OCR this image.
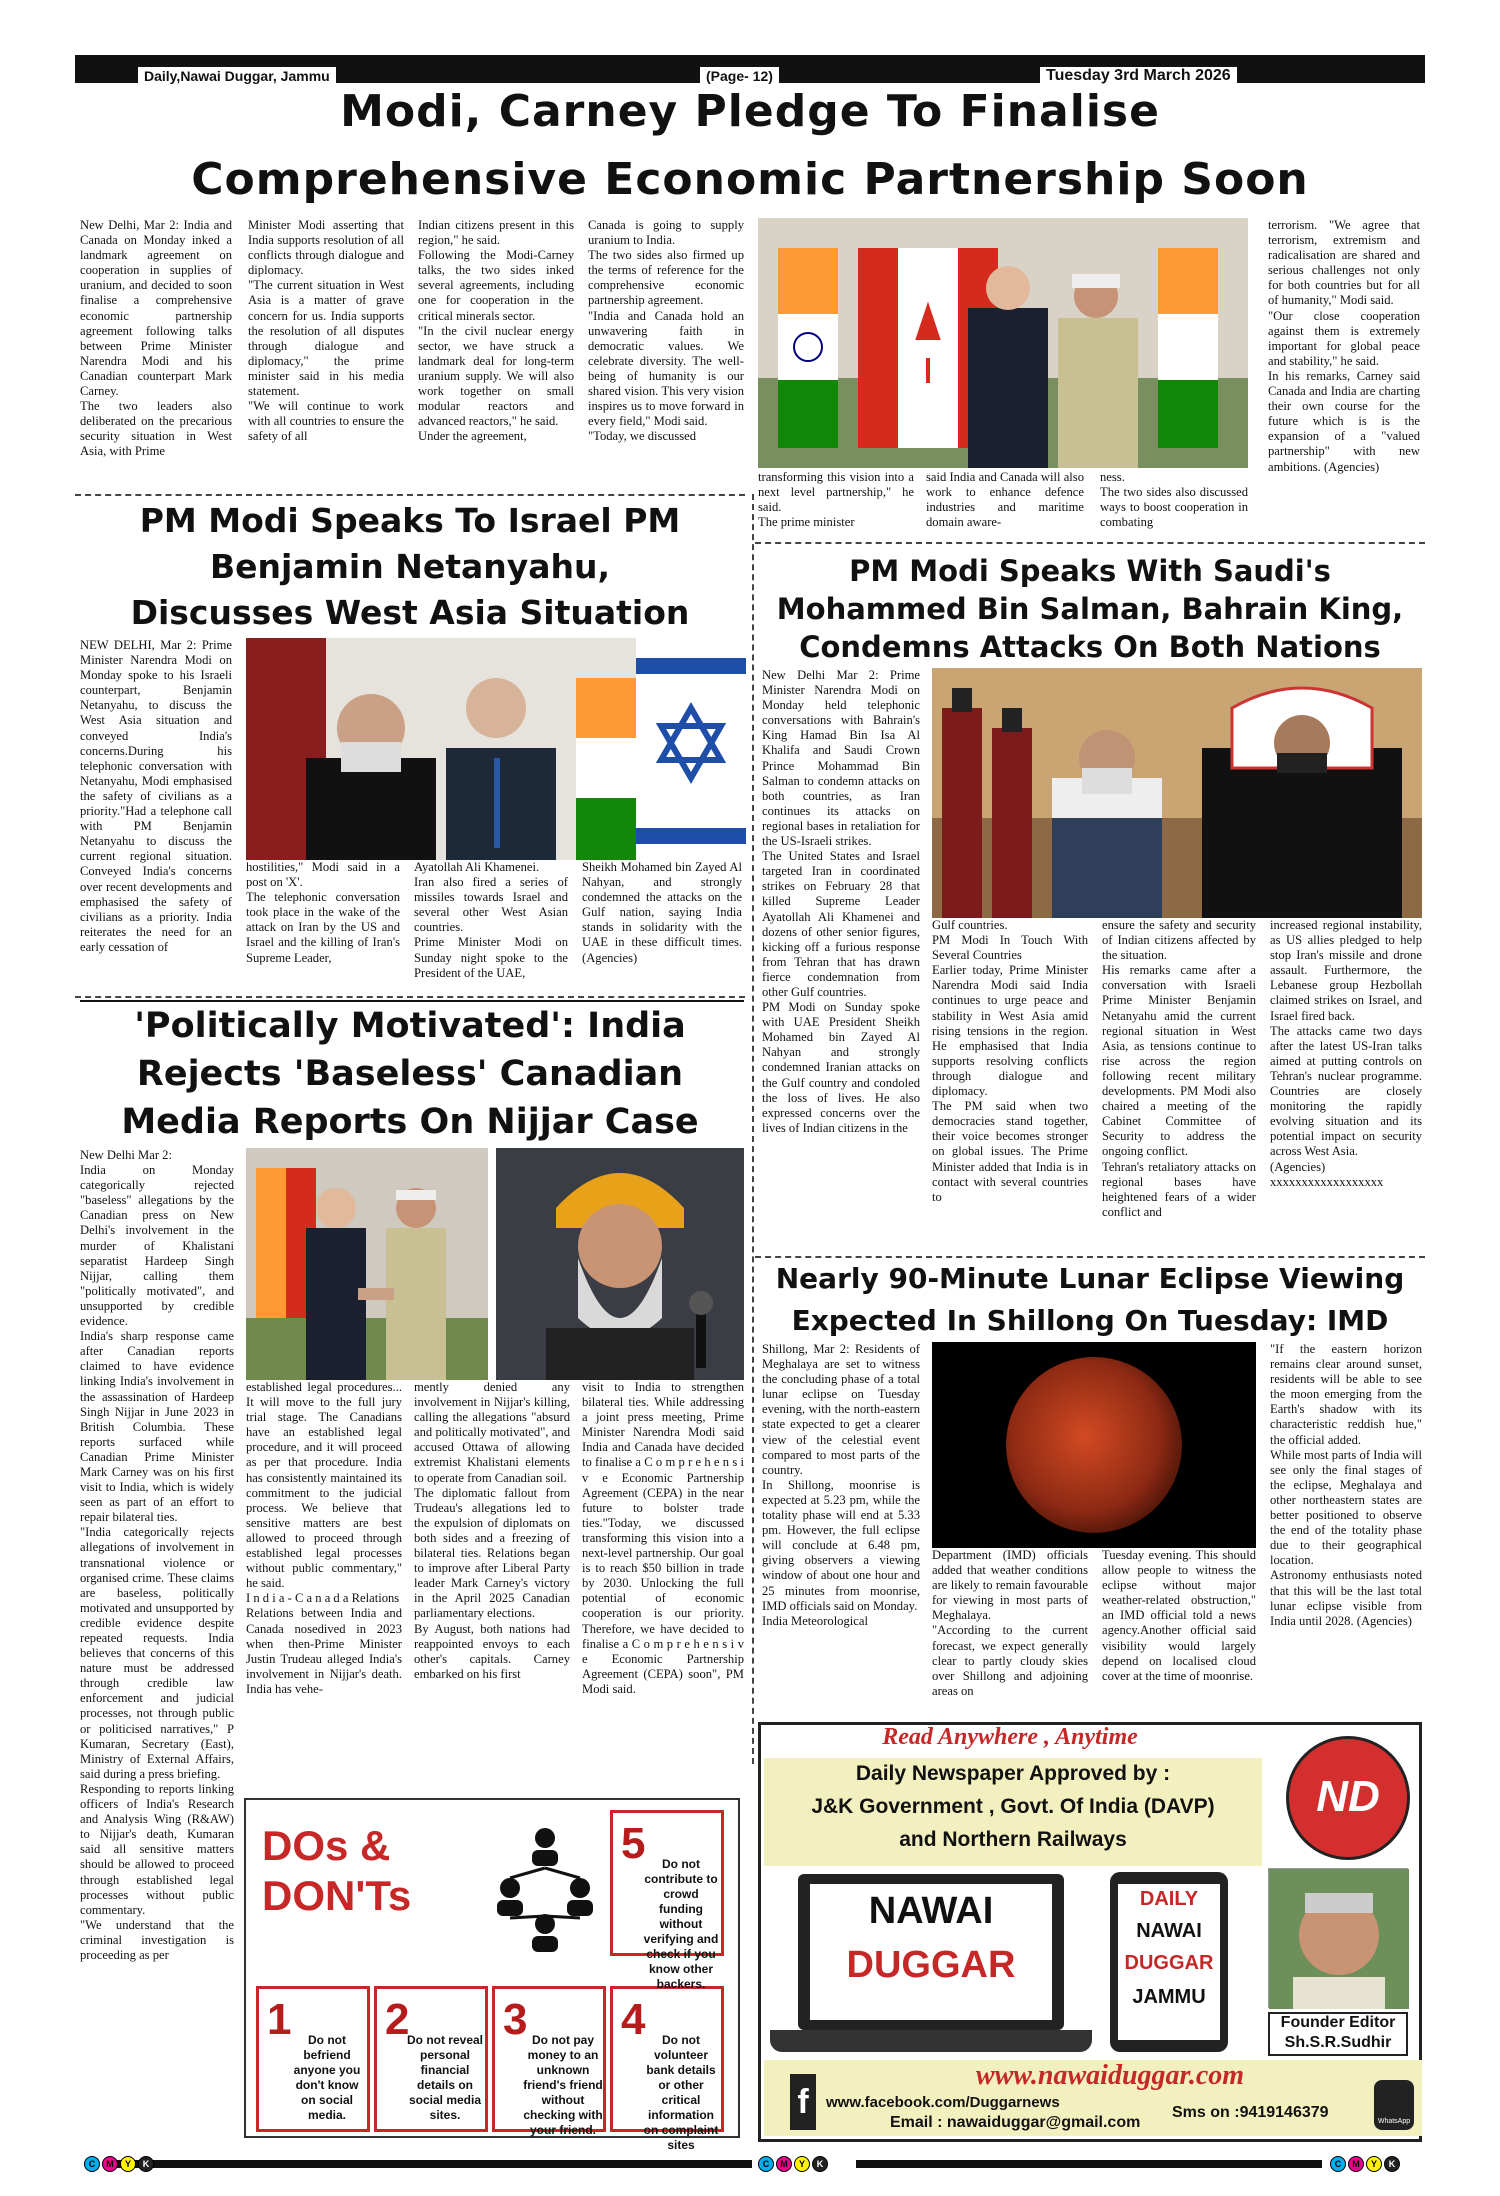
Daily,Nawai Duggar, Jammu	(Page- 12)	Tuesday 3rd March 2026
Modi, Carney Pledge To Finalise
Comprehensive Economic Partnership Soon
New Delhi, Mar 2: India and Canada on Monday inked a landmark agreement on cooperation in supplies of uranium, and decided to soon finalise a comprehensive economic partnership agreement following talks between Prime Minister Narendra Modi and his Canadian counterpart Mark Carney.
The two leaders also deliberated on the precarious security situation in West Asia, with Prime
Minister Modi asserting that India supports resolution of all conflicts through dialogue and diplomacy.
"The current situation in West Asia is a matter of grave concern for us. India supports the resolution of all disputes through dialogue and diplomacy," the prime minister said in his media statement.
"We will continue to work with all countries to ensure the safety of all
Indian citizens present in this region," he said.
Following the Modi-Carney talks, the two sides inked several agreements, including one for cooperation in the critical minerals sector.
"In the civil nuclear energy sector, we have struck a landmark deal for long-term uranium supply. We will also work together on small modular reactors and advanced reactors," he said.
Under the agreement,
Canada is going to supply uranium to India.
The two sides also firmed up the terms of reference for the comprehensive economic partnership agreement.
"India and Canada hold an unwavering faith in democratic values. We celebrate diversity. The well-being of humanity is our shared vision. This very vision inspires us to move forward in every field," Modi said.
"Today, we discussed
transforming this vision into a next level partnership," he said.
The prime minister
said India and Canada will also work to enhance defence industries and maritime domain aware-
ness.
The two sides also discussed ways to boost cooperation in combating
terrorism. "We agree that terrorism, extremism and radicalisation are shared and serious challenges not only for both countries but for all of humanity," Modi said.
"Our close cooperation against them is extremely important for global peace and stability," he said.
In his remarks, Carney said Canada and India are charting their own course for the future which is is the expansion of a "valued partnership" with new ambitions. (Agencies)
PM Modi Speaks To Israel PM
Benjamin Netanyahu,
Discusses West Asia Situation
NEW DELHI, Mar 2: Prime Minister Narendra Modi on Monday spoke to his Israeli counterpart, Benjamin Netanyahu, to discuss the West Asia situation and conveyed India's concerns.During his telephonic conversation with Netanyahu, Modi emphasised the safety of civilians as a priority."Had a telephone call with PM Benjamin Netanyahu to discuss the current regional situation. Conveyed India's concerns over recent developments and emphasised the safety of civilians as a priority. India reiterates the need for an early cessation of
hostilities," Modi said in a post on 'X'.
The telephonic conversation took place in the wake of the attack on Iran by the US and Israel and the killing of Iran's Supreme Leader,
Ayatollah Ali Khamenei.
Iran also fired a series of missiles towards Israel and several other West Asian countries.
Prime Minister Modi on Sunday night spoke to the President of the UAE,
Sheikh Mohamed bin Zayed Al Nahyan, and strongly condemned the attacks on the Gulf nation, saying India stands in solidarity with the UAE in these difficult times. (Agencies)
PM Modi Speaks With Saudi's
Mohammed Bin Salman, Bahrain King,
Condemns Attacks On Both Nations
New Delhi Mar 2: Prime Minister Narendra Modi on Monday held telephonic conversations with Bahrain's King Hamad Bin Isa Al Khalifa and Saudi Crown Prince Mohammad Bin Salman to condemn attacks on both countries, as Iran continues its attacks on regional bases in retaliation for the US-Israeli strikes.
The United States and Israel targeted Iran in coordinated strikes on February 28 that killed Supreme Leader Ayatollah Ali Khamenei and dozens of other senior figures, kicking off a furious response from Tehran that has drawn fierce condemnation from other Gulf countries.
PM Modi on Sunday spoke with UAE President Sheikh Mohamed bin Zayed Al Nahyan and strongly condemned Iranian attacks on the Gulf country and condoled the loss of lives. He also expressed concerns over the lives of Indian citizens in the
Gulf countries.
PM Modi In Touch With Several Countries
Earlier today, Prime Minister Narendra Modi said India continues to urge peace and stability in West Asia amid rising tensions in the region. He emphasised that India supports resolving conflicts through dialogue and diplomacy.
The PM said when two democracies stand together, their voice becomes stronger on global issues. The Prime Minister added that India is in contact with several countries to
ensure the safety and security of Indian citizens affected by the situation.
His remarks came after a conversation with Israeli Prime Minister Benjamin Netanyahu amid the current regional situation in West Asia, as tensions continue to rise across the region following recent military developments. PM Modi also chaired a meeting of the Cabinet Committee of Security to address the ongoing conflict.
Tehran's retaliatory attacks on regional bases have heightened fears of a wider conflict and
increased regional instability, as US allies pledged to help stop Iran's missile and drone assault. Furthermore, the Lebanese group Hezbollah claimed strikes on Israel, and Israel fired back.
The attacks came two days after the latest US-Iran talks aimed at putting controls on Tehran's nuclear programme. Countries are closely monitoring the rapidly evolving situation and its potential impact on security across West Asia.
(Agencies)
xxxxxxxxxxxxxxxxxx
'Politically Motivated': India
Rejects 'Baseless' Canadian
Media Reports On Nijjar Case
New Delhi Mar 2:
India on Monday categorically rejected "baseless" allegations by the Canadian press on New Delhi's involvement in the murder of Khalistani separatist Hardeep Singh Nijjar, calling them "politically motivated", and unsupported by credible evidence.
India's sharp response came after Canadian reports claimed to have evidence linking India's involvement in the assassination of Hardeep Singh Nijjar in June 2023 in British Columbia. These reports surfaced while Canadian Prime Minister Mark Carney was on his first visit to India, which is widely seen as part of an effort to repair bilateral ties.
"India categorically rejects allegations of involvement in transnational violence or organised crime. These claims are baseless, politically motivated and unsupported by credible evidence despite repeated requests. India believes that concerns of this nature must be addressed through credible law enforcement and judicial processes, not through public or politicised narratives," P Kumaran, Secretary (East), Ministry of External Affairs, said during a press briefing.
Responding to reports linking officers of India's Research and Analysis Wing (R&AW) to Nijjar's death, Kumaran said all sensitive matters should be allowed to proceed through established legal processes without public commentary.
"We understand that the criminal investigation is proceeding as per
established legal procedures... It will move to the full jury trial stage. The Canadians have an established legal procedure, and it will proceed as per that procedure. India has consistently maintained its commitment to the judicial process. We believe that sensitive matters are best allowed to proceed through established legal processes without public commentary," he said.
I n d i a - C a n a d a Relations
Relations between India and Canada nosedived in 2023 when then-Prime Minister Justin Trudeau alleged India's involvement in Nijjar's death. India has vehe-
mently denied any involvement in Nijjar's killing, calling the allegations "absurd and politically motivated", and accused Ottawa of allowing extremist Khalistani elements to operate from Canadian soil.
The diplomatic fallout from Trudeau's allegations led to the expulsion of diplomats on both sides and a freezing of bilateral ties. Relations began to improve after Liberal Party leader Mark Carney's victory in the April 2025 Canadian parliamentary elections.
By August, both nations had reappointed envoys to each other's capitals. Carney embarked on his first
visit to India to strengthen bilateral ties. While addressing a joint press meeting, Prime Minister Narendra Modi said India and Canada have decided to finalise a C o m p r e h e n s i v e Economic Partnership Agreement (CEPA) in the near future to bolster trade ties."Today, we discussed transforming this vision into a next-level partnership. Our goal is to reach $50 billion in trade by 2030. Unlocking the full potential of economic cooperation is our priority. Therefore, we have decided to finalise a C o m p r e h e n s i v e Economic Partnership Agreement (CEPA) soon", PM Modi said.
Nearly 90-Minute Lunar Eclipse Viewing
Expected In Shillong On Tuesday: IMD
Shillong, Mar 2: Residents of Meghalaya are set to witness the concluding phase of a total lunar eclipse on Tuesday evening, with the north-eastern state expected to get a clearer view of the celestial event compared to most parts of the country.
In Shillong, moonrise is expected at 5.23 pm, while the totality phase will end at 5.33 pm. However, the full eclipse will conclude at 6.48 pm, giving observers a viewing window of about one hour and 25 minutes from moonrise, IMD officials said on Monday.
India Meteorological
Department (IMD) officials added that weather conditions are likely to remain favourable for viewing in most parts of Meghalaya.
"According to the current forecast, we expect generally clear to partly cloudy skies over Shillong and adjoining areas on
Tuesday evening. This should allow people to witness the eclipse without major weather-related obstruction," an IMD official told a news agency.Another official said visibility would largely depend on localised cloud cover at the time of moonrise.
"If the eastern horizon remains clear around sunset, residents will be able to see the moon emerging from the Earth's shadow with its characteristic reddish hue," the official added.
While most parts of India will see only the final stages of the eclipse, Meghalaya and other northeastern states are better positioned to observe the end of the totality phase due to their geographical location.
Astronomy enthusiasts noted that this will be the last total lunar eclipse visible from India until 2028. (Agencies)
DOs &
DON'Ts
1	Do not befriend anyone you don't know on social media.
2
Do not reveal personal financial details on social media sites.
3 Do not pay money to an unknown friend's friend without checking with your friend.
4	Do not volunteer bank details or other critical information on complaint sites
5	Do not contribute to crowd funding without verifying and check if you know other backers.
Read Anywhere , Anytime
Daily Newspaper Approved by :
J&K Government , Govt. Of India (DAVP)
and Northern Railways
ND
NAWAI
DUGGAR
DAILY
NAWAI
DUGGAR
JAMMU
Founder Editor
Sh.S.R.Sudhir
f
www.nawaiduggar.com
www.facebook.com/Duggarnews
Email : nawaiduggar@gmail.com
Sms on :9419146379
WhatsApp
C	M	Y	K	C	M	Y	K	C	M	Y	K
